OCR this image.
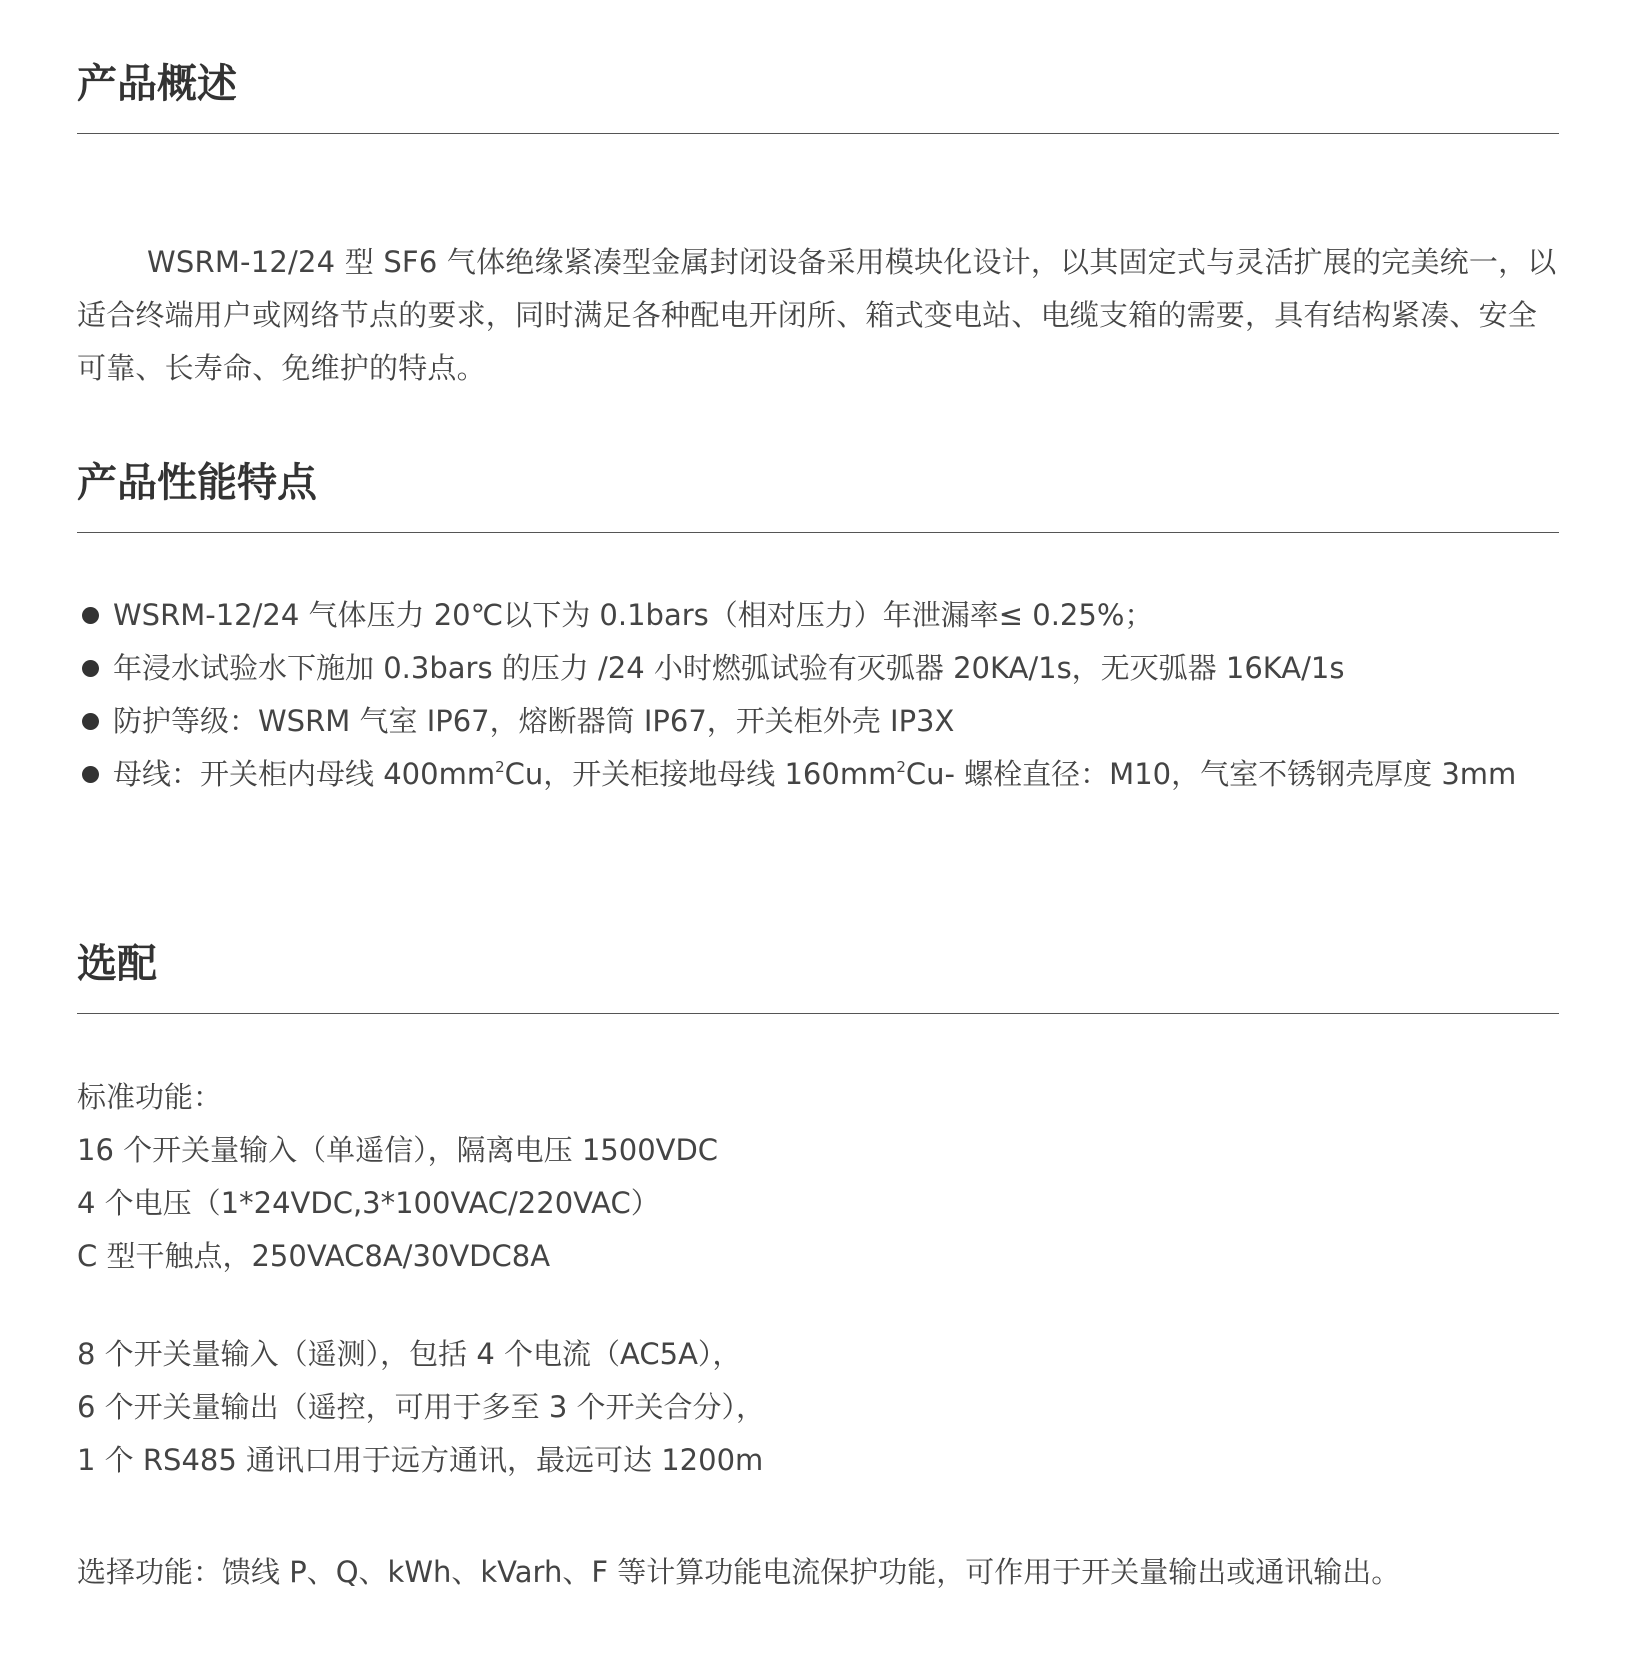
产品概述

WSRM-12/24 型 SF6 气体绝缘紧凑型金属封闭设备采用模块化设计，以其固定式与灵活扩展的完美统一，以适合终端用户或网络节点的要求，同时满足各种配电开闭所、箱式变电站、电缆支箱的需要，具有结构紧凑、安全可靠、长寿命、免维护的特点。

产品性能特点
WSRM-12/24 气体压力 20℃以下为 0.1bars（相对压力）年泄漏率≤ 0.25%；
年浸水试验水下施加 0.3bars 的压力 /24 小时燃弧试验有灭弧器 20KA/1s，无灭弧器 16KA/1s
防护等级：WSRM 气室 IP67，熔断器筒 IP67，开关柜外壳 IP3X
母线：开关柜内母线 $400mm^2Cu$，开关柜接地母线 $160mm^2Cu-$ 螺栓直径：M10，气室不锈钢壳厚度 3mm
选配

标准功能：

16 个开关量输入（单遥信），隔离电压 1500VDC

4 个电压（1*24VDC,3*100VAC/220VAC）

C 型干触点，250VAC8A/30VDC8A

8 个开关量输入（遥测），包括 4 个电流（AC5A），

6 个开关量输出（遥控，可用于多至 3 个开关合分），

1 个 RS485 通讯口用于远方通讯，最远可达 1200m

选择功能：馈线 P、Q、kWh、kVarh、F 等计算功能电流保护功能，可作用于开关量输出或通讯输出。
